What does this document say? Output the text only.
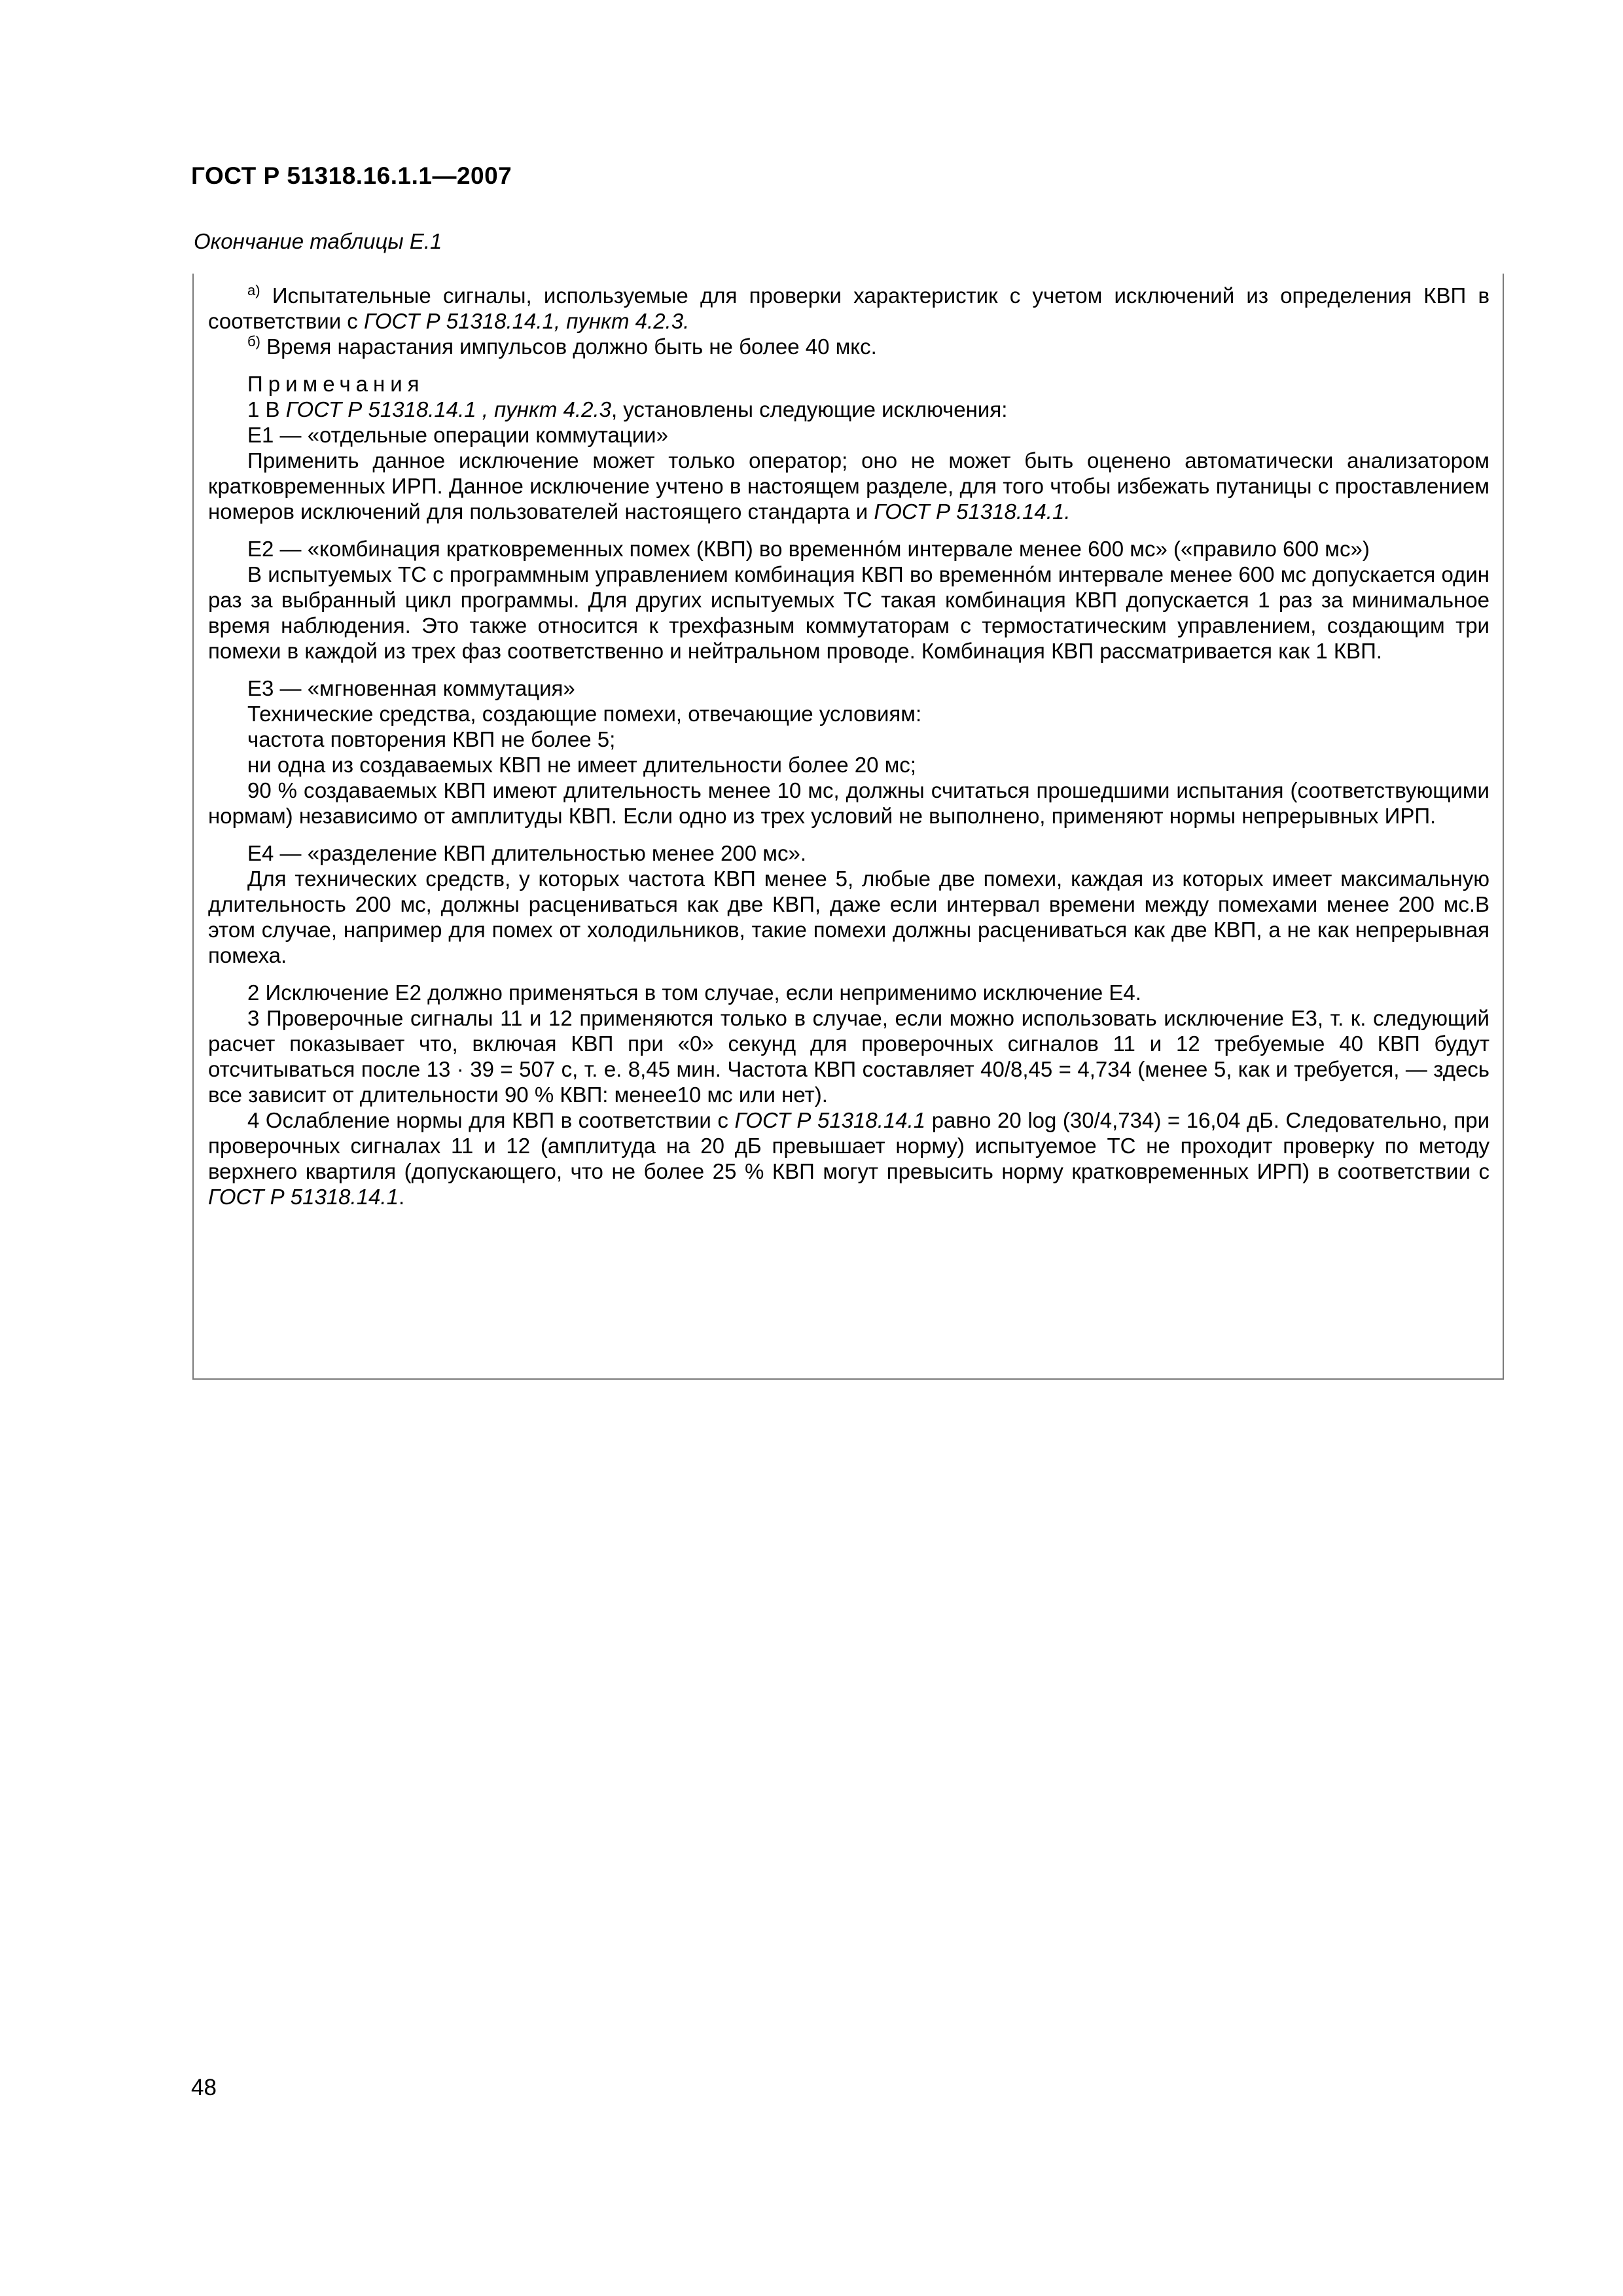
ГОСТ Р 51318.16.1.1—2007
Окончание таблицы Е.1

$^{а)}$ Испытательные сигналы, используемые для проверки характеристик с учетом исключений из определения КВП в соответствии с ГОСТ Р 51318.14.1, пункт 4.2.3.

$^{б)}$ Время нарастания импульсов должно быть не более 40 мкс.

Примечания

1 В ГОСТ Р 51318.14.1 , пункт 4.2.3, установлены следующие исключения:

Е1 — «отдельные операции коммутации»

Применить данное исключение может только оператор; оно не может быть оценено автоматически анализатором кратковременных ИРП. Данное исключение учтено в настоящем разделе, для того чтобы избежать путаницы с проставлением номеров исключений для пользователей настоящего стандарта и ГОСТ Р 51318.14.1.

Е2 — «комбинация кратковременных помех (КВП) во временно́м интервале менее 600 мс» («правило 600 мс»)

В испытуемых ТС с программным управлением комбинация КВП во временно́м интервале менее 600 мс допускается один раз за выбранный цикл программы. Для других испытуемых ТС такая комбинация КВП допускается 1 раз за минимальное время наблюдения. Это также относится к трехфазным коммутаторам с термостатическим управлением, создающим три помехи в каждой из трех фаз соответственно и нейтральном проводе. Комбинация КВП рассматривается как 1 КВП.

Е3 — «мгновенная коммутация»

Технические средства, создающие помехи, отвечающие условиям:

частота повторения КВП не более 5;

ни одна из создаваемых КВП не имеет длительности более 20 мс;

90 % создаваемых КВП имеют длительность менее 10 мс, должны считаться прошедшими испытания (соответствующими нормам) независимо от амплитуды КВП. Если одно из трех условий не выполнено, применяют нормы непрерывных ИРП.

Е4 — «разделение КВП длительностью менее 200 мс».

Для технических средств, у которых частота КВП менее 5, любые две помехи, каждая из которых имеет максимальную длительность 200 мс, должны расцениваться как две КВП, даже если интервал времени между помехами менее 200 мс.В этом случае, например для помех от холодильников, такие помехи должны расцениваться как две КВП, а не как непрерывная помеха.

2 Исключение Е2 должно применяться в том случае, если неприменимо исключение Е4.

3 Проверочные сигналы 11 и 12 применяются только в случае, если можно использовать исключение Е3, т. к. следующий расчет показывает что, включая КВП при «0» секунд для проверочных сигналов 11 и 12 требуемые 40 КВП будут отсчитываться после 13 · 39 = 507 с, т. е. 8,45 мин. Частота КВП составляет 40/8,45 = 4,734 (менее 5, как и требуется, — здесь все зависит от длительности 90 % КВП: менее10 мс или нет).

4 Ослабление нормы для КВП в соответствии с ГОСТ Р 51318.14.1 равно 20 log (30/4,734) = 16,04 дБ. Следовательно, при проверочных сигналах 11 и 12 (амплитуда на 20 дБ превышает норму) испытуемое ТС не проходит проверку по методу верхнего квартиля (допускающего, что не более 25 % КВП могут превысить норму кратковременных ИРП) в соответствии с ГОСТ Р 51318.14.1.

48
